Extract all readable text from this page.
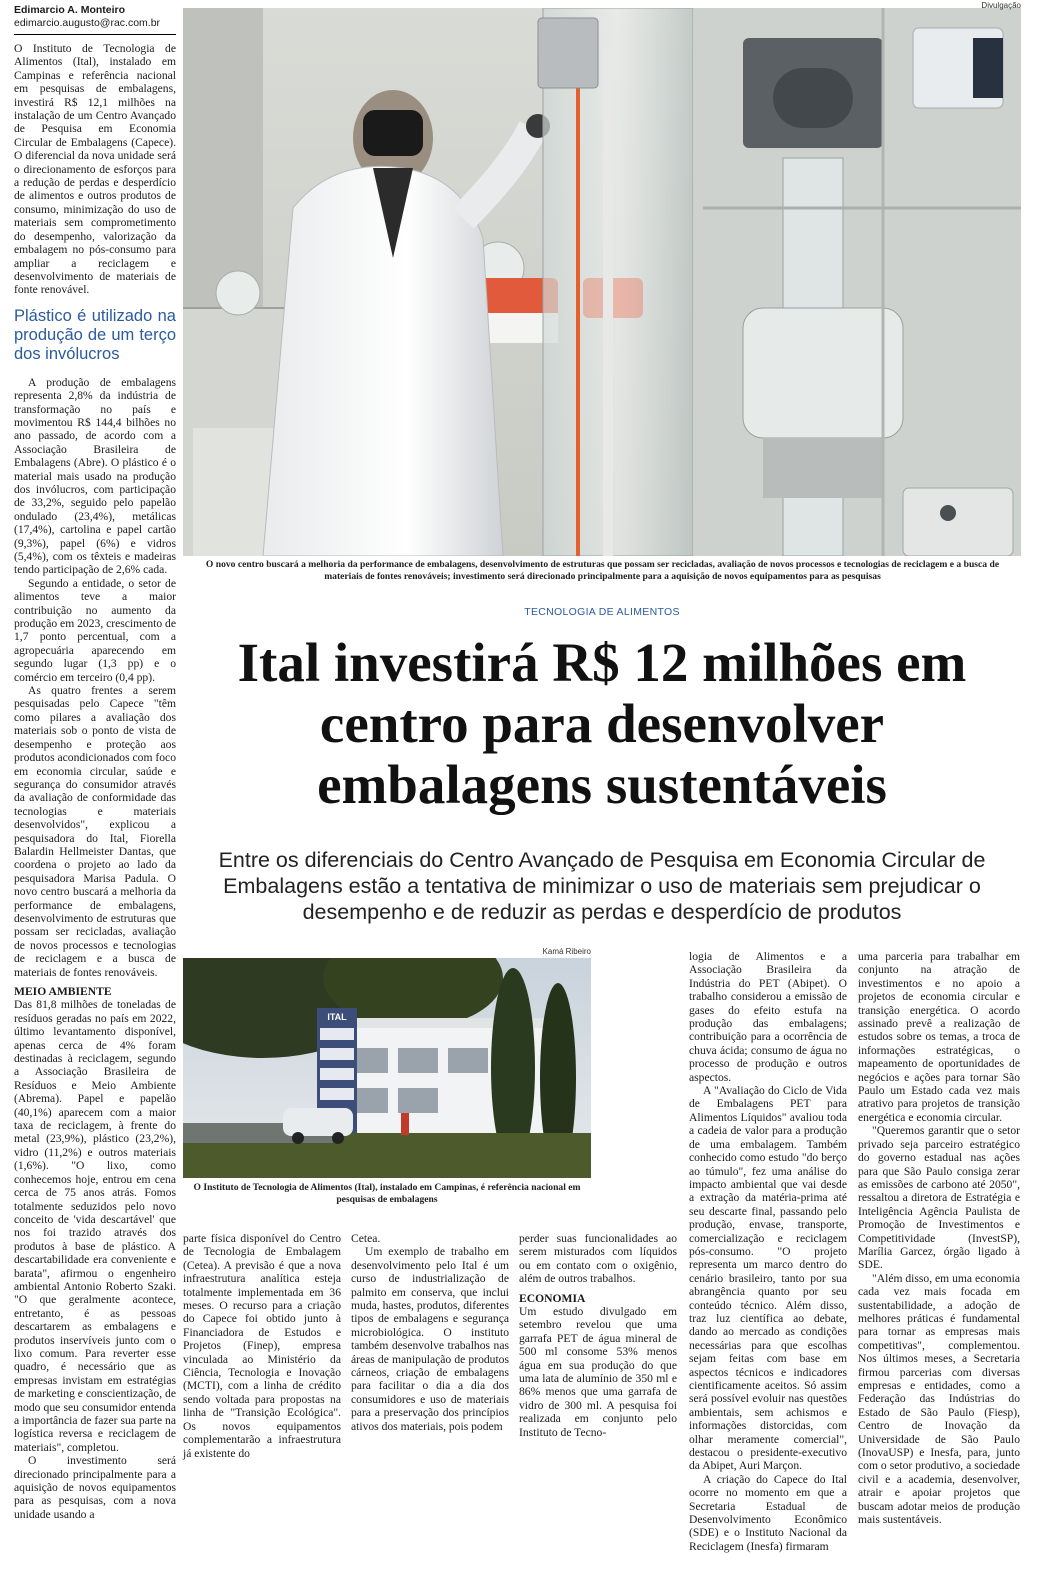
Edimarcio A. Monteiro
edimarcio.augusto@rac.com.br
Divulgação
O novo centro buscará a melhoria da performance de embalagens, desenvolvimento de estruturas que possam ser recicladas, avaliação de novos processos e tecnologias de reciclagem e a busca de materiais de fontes renováveis; investimento será direcionado principalmente para a aquisição de novos equipamentos para as pesquisas
TECNOLOGIA DE ALIMENTOS
Ital investirá R$ 12 milhões em centro para desenvolver embalagens sustentáveis
Entre os diferenciais do Centro Avançado de Pesquisa em Economia Circular de Embalagens estão a tentativa de minimizar o uso de materiais sem prejudicar o desempenho e de reduzir as perdas e desperdício de produtos

O Instituto de Tecnologia de Alimentos (Ital), instalado em Campinas e referência nacional em pesquisas de embalagens, investirá R$ 12,1 milhões na instalação de um Centro Avançado de Pesquisa em Economia Circular de Embalagens (Capece). O diferencial da nova unidade será o direcionamento de esforços para a redução de perdas e desperdício de alimentos e outros produtos de consumo, minimização do uso de materiais sem comprometimento do desempenho, valorização da embalagem no pós-consumo para ampliar a reciclagem e desenvolvimento de materiais de fonte renovável.

Plástico é utilizado na produção de um terço dos invólucros

A produção de embalagens representa 2,8% da indústria de transformação no país e movimentou R$ 144,4 bilhões no ano passado, de acordo com a Associação Brasileira de Embalagens (Abre). O plástico é o material mais usado na produção dos invólucros, com participação de 33,2%, seguido pelo papelão ondulado (23,4%), metálicas (17,4%), cartolina e papel cartão (9,3%), papel (6%) e vidros (5,4%), com os têxteis e madeiras tendo participação de 2,6% cada.

Segundo a entidade, o setor de alimentos teve a maior contribuição no aumento da produção em 2023, crescimento de 1,7 ponto percentual, com a agropecuária aparecendo em segundo lugar (1,3 pp) e o comércio em terceiro (0,4 pp).

As quatro frentes a serem pesquisadas pelo Capece "têm como pilares a avaliação dos materiais sob o ponto de vista de desempenho e proteção aos produtos acondicionados com foco em economia circular, saúde e segurança do consumidor através da avaliação de conformidade das tecnologias e materiais desenvolvidos", explicou a pesquisadora do Ital, Fiorella Balardin Hellmeister Dantas, que coordena o projeto ao lado da pesquisadora Marisa Padula. O novo centro buscará a melhoria da performance de embalagens, desenvolvimento de estruturas que possam ser recicladas, avaliação de novos processos e tecnologias de reciclagem e a busca de materiais de fontes renováveis.

MEIO AMBIENTE

Das 81,8 milhões de toneladas de resíduos geradas no país em 2022, último levantamento disponível, apenas cerca de 4% foram destinadas à reciclagem, segundo a Associação Brasileira de Resíduos e Meio Ambiente (Abrema). Papel e papelão (40,1%) aparecem com a maior taxa de reciclagem, à frente do metal (23,9%), plástico (23,2%), vidro (11,2%) e outros materiais (1,6%). "O lixo, como conhecemos hoje, entrou em cena cerca de 75 anos atrás. Fomos totalmente seduzidos pelo novo conceito de 'vida descartável' que nos foi trazido através dos produtos à base de plástico. A descartabilidade era conveniente e barata", afirmou o engenheiro ambiental Antonio Roberto Szaki. "O que geralmente acontece, entretanto, é as pessoas descartarem as embalagens e produtos inservíveis junto com o lixo comum. Para reverter esse quadro, é necessário que as empresas invistam em estratégias de marketing e conscientização, de modo que seu consumidor entenda a importância de fazer sua parte na logística reversa e reciclagem de materiais", completou.

O investimento será direcionado principalmente para a aquisição de novos equipamentos para as pesquisas, com a nova unidade usando a

ITAL
Kamá Ribeiro
O Instituto de Tecnologia de Alimentos (Ital), instalado em Campinas, é referência nacional em pesquisas de embalagens

parte física disponível do Centro de Tecnologia de Embalagem (Cetea). A previsão é que a nova infraestrutura analítica esteja totalmente implementada em 36 meses. O recurso para a criação do Capece foi obtido junto à Financiadora de Estudos e Projetos (Finep), empresa vinculada ao Ministério da Ciência, Tecnologia e Inovação (MCTI), com a linha de crédito sendo voltada para propostas na linha de "Transição Ecológica". Os novos equipamentos complementarão a infraestrutura já existente do

Cetea.

Um exemplo de trabalho em desenvolvimento pelo Ital é um curso de industrialização de palmito em conserva, que inclui muda, hastes, produtos, diferentes tipos de embalagens e segurança microbiológica. O instituto também desenvolve trabalhos nas áreas de manipulação de produtos cárneos, criação de embalagens para facilitar o dia a dia dos consumidores e uso de materiais para a preservação dos princípios ativos dos materiais, pois podem

perder suas funcionalidades ao serem misturados com líquidos ou em contato com o oxigênio, além de outros trabalhos.

ECONOMIA

Um estudo divulgado em setembro revelou que uma garrafa PET de água mineral de 500 ml consome 53% menos água em sua produção do que uma lata de alumínio de 350 ml e 86% menos que uma garrafa de vidro de 300 ml. A pesquisa foi realizada em conjunto pelo Instituto de Tecno-

logia de Alimentos e a Associação Brasileira da Indústria do PET (Abipet). O trabalho considerou a emissão de gases do efeito estufa na produção das embalagens; contribuição para a ocorrência de chuva ácida; consumo de água no processo de produção e outros aspectos.

A "Avaliação do Ciclo de Vida de Embalagens PET para Alimentos Líquidos" avaliou toda a cadeia de valor para a produção de uma embalagem. Também conhecido como estudo "do berço ao túmulo", fez uma análise do impacto ambiental que vai desde a extração da matéria-prima até seu descarte final, passando pelo produção, envase, transporte, comercialização e reciclagem pós-consumo. "O projeto representa um marco dentro do cenário brasileiro, tanto por sua abrangência quanto por seu conteúdo técnico. Além disso, traz luz científica ao debate, dando ao mercado as condições necessárias para que escolhas sejam feitas com base em aspectos técnicos e indicadores cientificamente aceitos. Só assim será possível evoluir nas questões ambientais, sem achismos e informações distorcidas, com olhar meramente comercial", destacou o presidente-executivo da Abipet, Auri Marçon.

A criação do Capece do Ital ocorre no momento em que a Secretaria Estadual de Desenvolvimento Econômico (SDE) e o Instituto Nacional da Reciclagem (Inesfa) firmaram

uma parceria para trabalhar em conjunto na atração de investimentos e no apoio a projetos de economia circular e transição energética. O acordo assinado prevê a realização de estudos sobre os temas, a troca de informações estratégicas, o mapeamento de oportunidades de negócios e ações para tornar São Paulo um Estado cada vez mais atrativo para projetos de transição energética e economia circular.

"Queremos garantir que o setor privado seja parceiro estratégico do governo estadual nas ações para que São Paulo consiga zerar as emissões de carbono até 2050", ressaltou a diretora de Estratégia e Inteligência Agência Paulista de Promoção de Investimentos e Competitividade (InvestSP), Marília Garcez, órgão ligado à SDE.

"Além disso, em uma economia cada vez mais focada em sustentabilidade, a adoção de melhores práticas é fundamental para tornar as empresas mais competitivas", complementou. Nos últimos meses, a Secretaria firmou parcerias com diversas empresas e entidades, como a Federação das Indústrias do Estado de São Paulo (Fiesp), Centro de Inovação da Universidade de São Paulo (InovaUSP) e Inesfa, para, junto com o setor produtivo, a sociedade civil e a academia, desenvolver, atrair e apoiar projetos que buscam adotar meios de produção mais sustentáveis.
